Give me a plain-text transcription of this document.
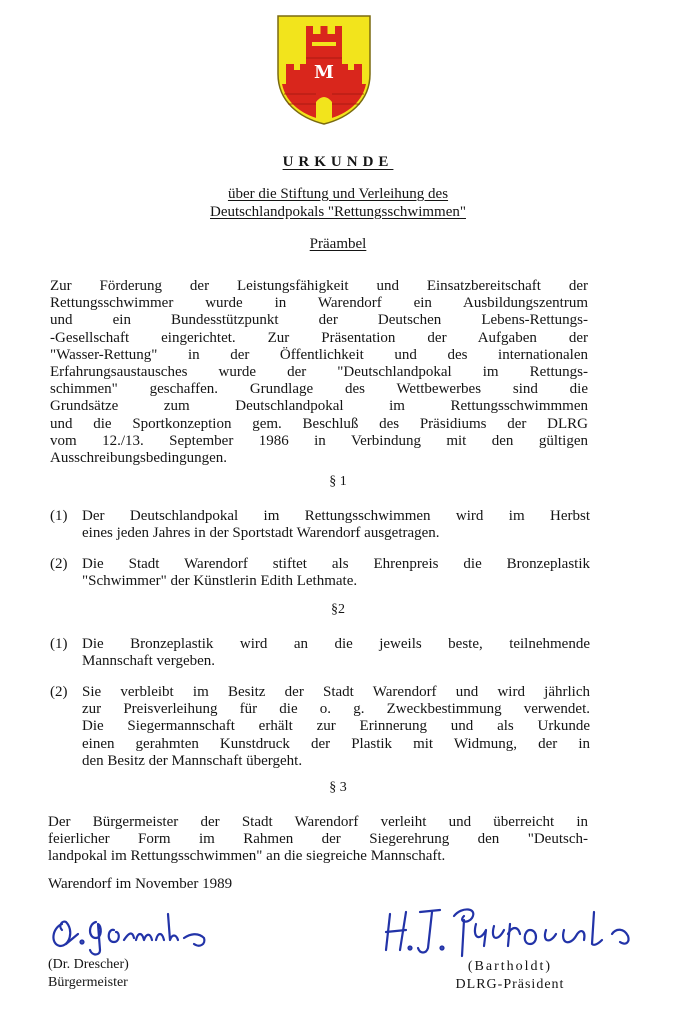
M
URKUNDE
über die Stiftung und Verleihung des
Deutschlandpokals "Rettungsschwimmen"
Präambel
Zur Förderung der Leistungsfähigkeit und Einsatzbereitschaft der
Rettungsschwimmer wurde in Warendorf ein Ausbildungszentrum
und ein Bundesstützpunkt der Deutschen Lebens-Rettungs-
-Gesellschaft eingerichtet. Zur Präsentation der Aufgaben der
"Wasser-Rettung" in der Öffentlichkeit und des internationalen
Erfahrungsaustausches wurde der "Deutschlandpokal im Rettungs-
schimmen" geschaffen. Grundlage des Wettbewerbes sind die
Grundsätze zum Deutschlandpokal im Rettungsschwimmmen
und die Sportkonzeption gem. Beschluß des Präsidiums der DLRG
vom 12./13. September 1986 in Verbindung mit den gültigen
Ausschreibungsbedingungen.
§ 1
(1) Der Deutschlandpokal im Rettungsschwimmen wird im Herbst
eines jeden Jahres in der Sportstadt Warendorf ausgetragen.
(2) Die Stadt Warendorf stiftet als Ehrenpreis die Bronzeplastik
"Schwimmer" der Künstlerin Edith Lethmate.
§2
(1) Die Bronzeplastik wird an die jeweils beste, teilnehmende
Mannschaft vergeben.
(2) Sie verbleibt im Besitz der Stadt Warendorf und wird jährlich
zur Preisverleihung für die o. g. Zweckbestimmung verwendet.
Die Siegermannschaft erhält zur Erinnerung und als Urkunde
einen gerahmten Kunstdruck der Plastik mit Widmung, der in
den Besitz der Mannschaft übergeht.
§ 3
Der Bürgermeister der Stadt Warendorf verleiht und überreicht in
feierlicher Form im Rahmen der Siegerehrung den "Deutsch-
landpokal im Rettungsschwimmen" an die siegreiche Mannschaft.
Warendorf im November 1989
(Dr. Drescher)
Bürgermeister
(Bartholdt)
DLRG-Präsident
